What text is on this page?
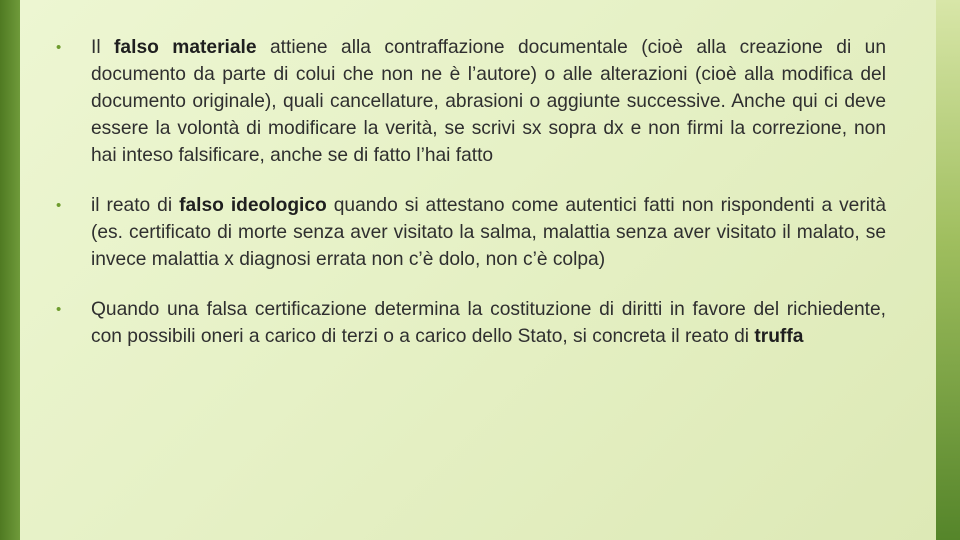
• Il falso materiale attiene alla contraffazione documentale (cioè alla creazione di un documento da parte di colui che non ne è l’autore) o alle alterazioni (cioè alla modifica del documento originale), quali cancellature, abrasioni o aggiunte successive. Anche qui ci deve essere la volontà di modificare la verità, se scrivi sx sopra dx e non firmi la correzione, non hai inteso falsificare, anche se di fatto l’hai fatto

• il reato di falso ideologico quando si attestano come autentici fatti non rispondenti a verità (es. certificato di morte senza aver visitato la salma, malattia senza aver visitato il malato, se invece malattia x diagnosi errata non c’è dolo, non c’è colpa)

• Quando una falsa certificazione determina la costituzione di diritti in favore del richiedente, con possibili oneri a carico di terzi o a carico dello Stato, si concreta il reato di truffa
